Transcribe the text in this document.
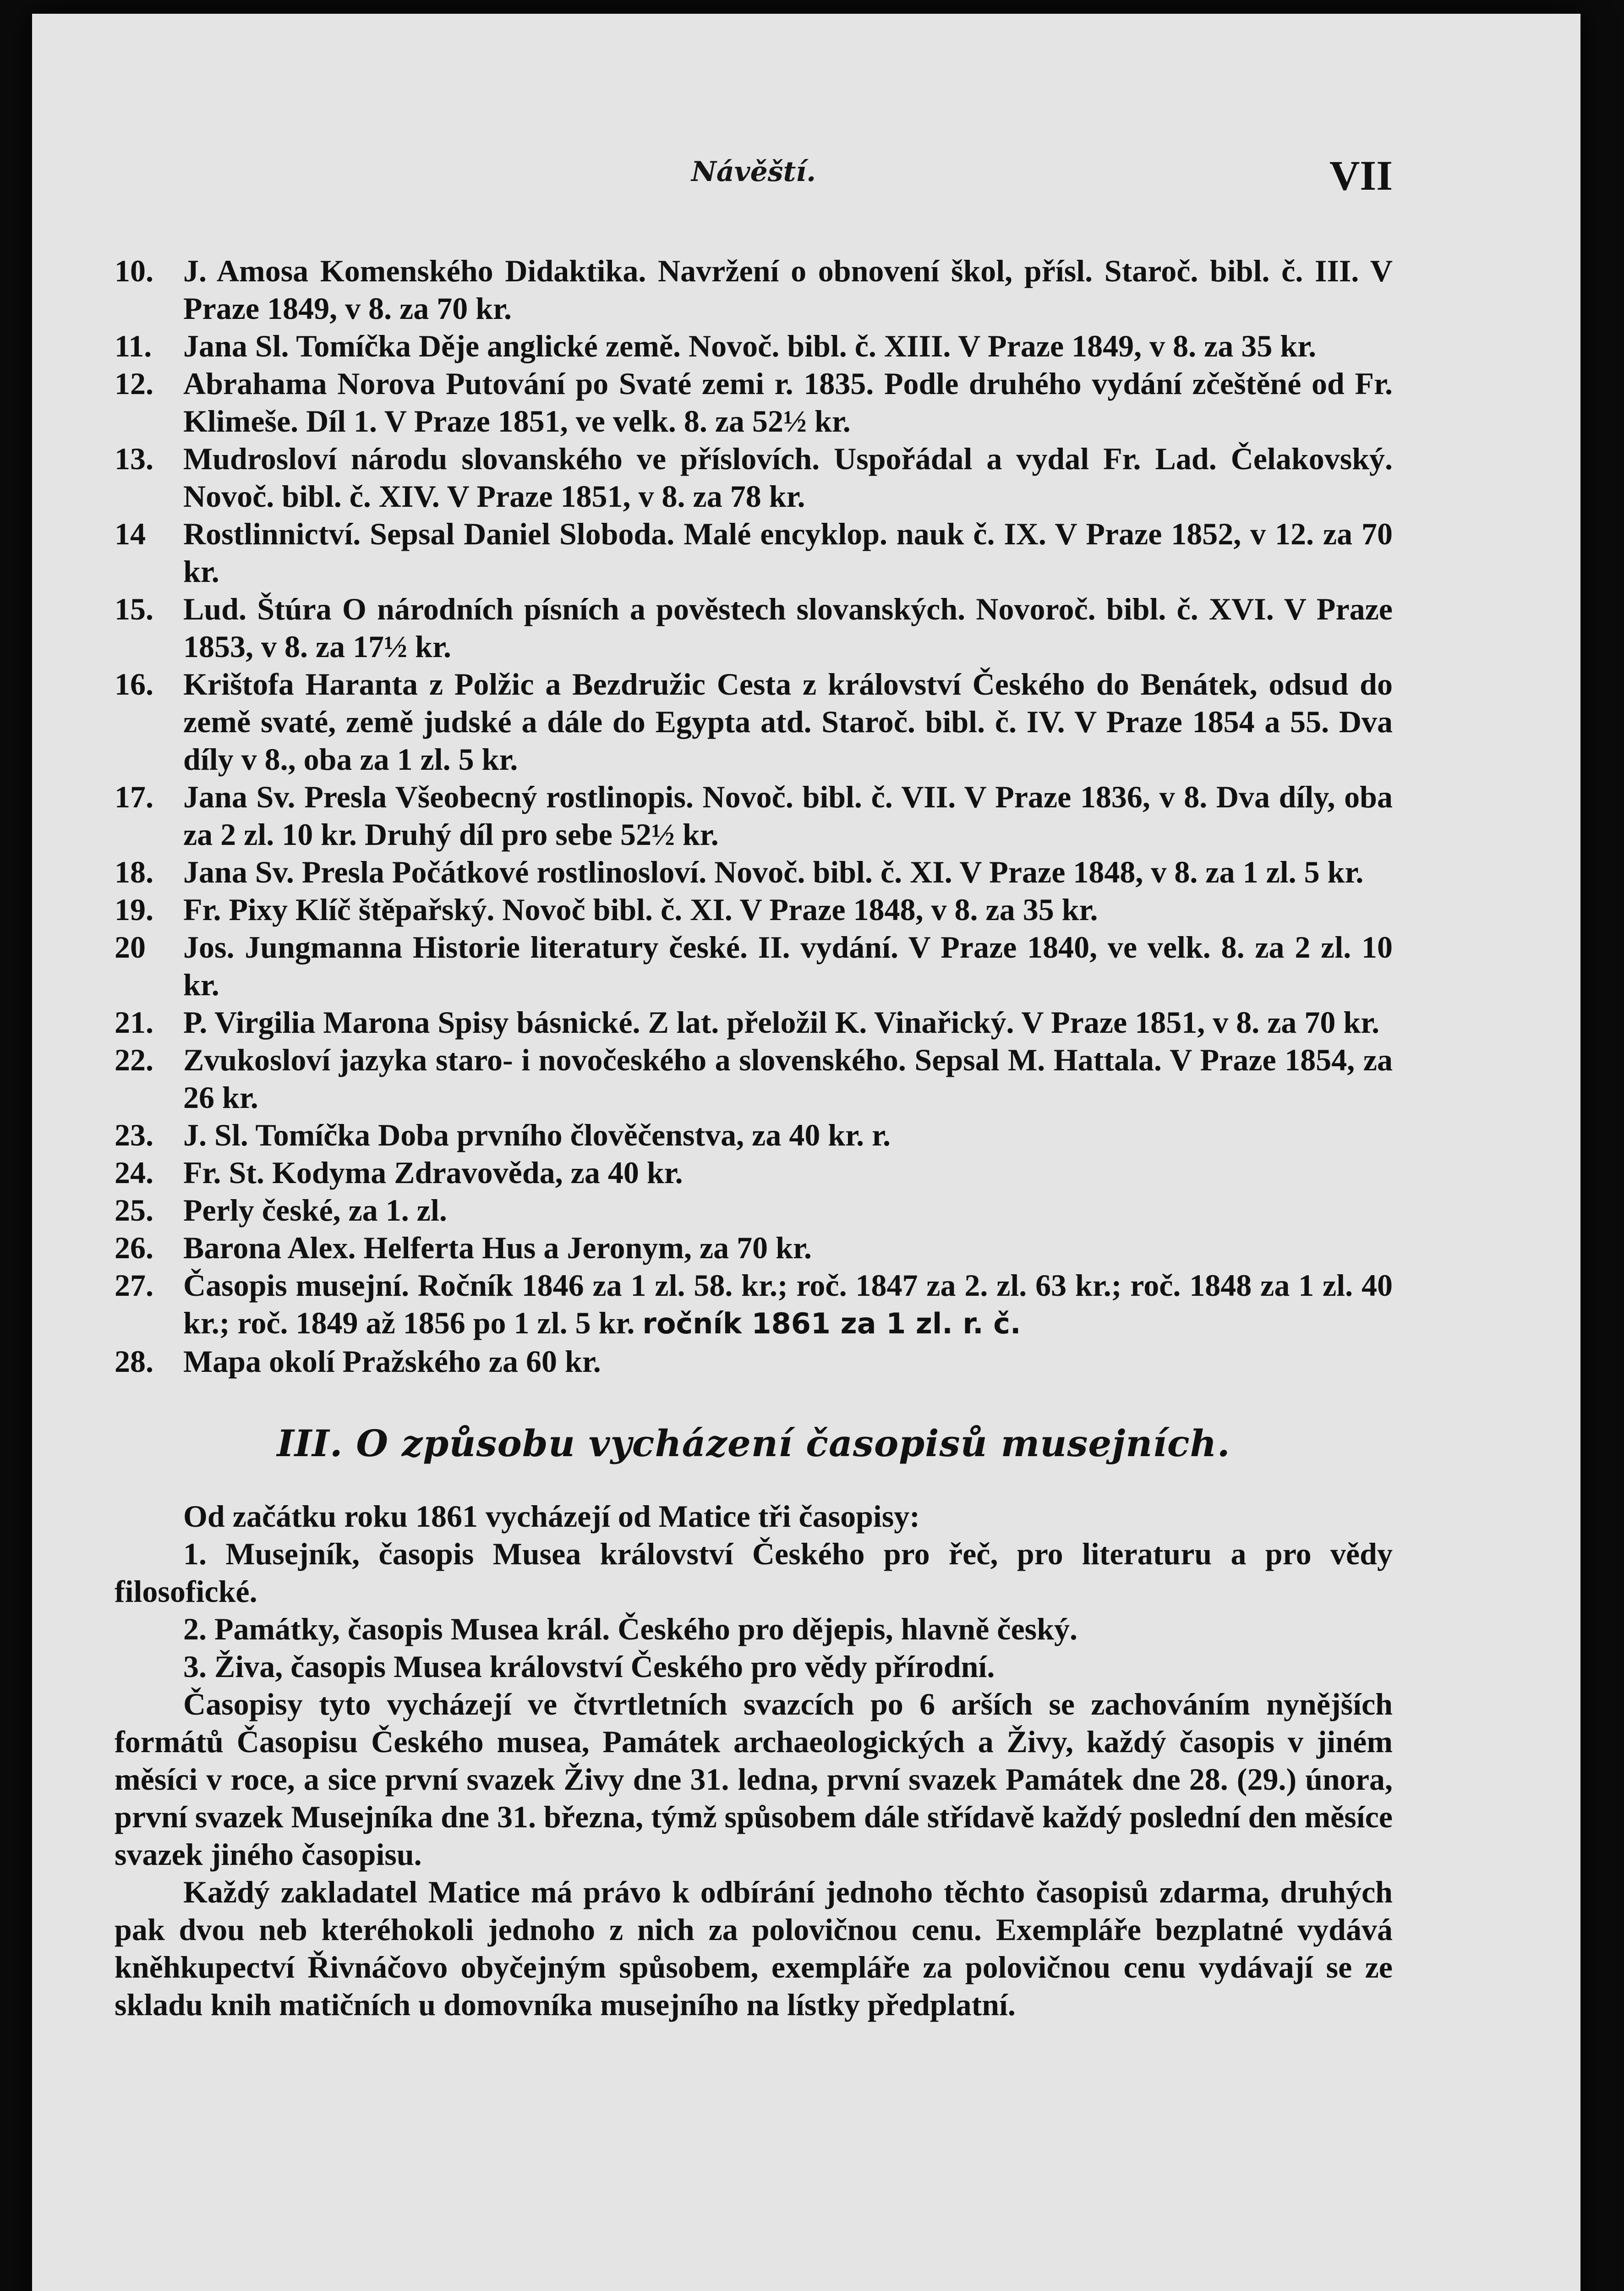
Návěští.	VII
10. J. Amosa Komenského Didaktika. Navržení o obnovení škol, přísl. Staroč. bibl. č. III. V Praze 1849, v 8. za 70 kr.
11.	Jana Sl. Tomíčka Děje anglické země. Novoč. bibl. č. XIII. V Praze 1849, v 8. za 35 kr.
12. Abrahama Norova Putování po Svaté zemi r. 1835. Podle druhého vydání zčeštěné od Fr. Klimeše. Díl 1. V Praze 1851, ve velk. 8. za 52½ kr.
13. Mudrosloví národu slovanského ve příslovích. Uspořádal a vydal Fr. Lad. Čelakovský. Novoč. bibl. č. XIV. V Praze 1851, v 8. za 78 kr.
14	Rostlinnictví. Sepsal Daniel Sloboda. Malé encyklop. nauk č. IX. V Praze 1852, v 12. za 70 kr.
15. Lud. Štúra O národních písních a pověstech slovanských. Novoroč. bibl. č. XVI. V Praze 1853, v 8. za 17½ kr.
16. Krištofa Haranta z Polžic a Bezdružic Cesta z království Českého do Benátek, odsud do země svaté, země judské a dále do Egypta atd. Staroč. bibl. č. IV. V Praze 1854 a 55. Dva díly v 8., oba za 1 zl. 5 kr.
17. Jana Sv. Presla Všeobecný rostlinopis. Novoč. bibl. č. VII. V Praze 1836, v 8. Dva díly, oba za 2 zl. 10 kr. Druhý díl pro sebe 52½ kr.
18. Jana Sv. Presla Počátkové rostlinosloví. Novoč. bibl. č. XI. V Praze 1848, v 8. za 1 zl. 5 kr.
19. Fr. Pixy Klíč štěpařský. Novoč bibl. č. XI. V Praze 1848, v 8. za 35 kr.
20	Jos. Jungmanna Historie literatury české. II. vydání. V Praze 1840, ve velk. 8. za 2 zl. 10 kr.
21. P. Virgilia Marona Spisy básnické. Z lat. přeložil K. Vinařický. V Praze 1851, v 8. za 70 kr.
22. Zvukosloví jazyka staro- i novočeského a slovenského. Sepsal M. Hattala. V Praze 1854, za 26 kr.
23. J. Sl. Tomíčka Doba prvního člověčenstva, za 40 kr. r.
24. Fr. St. Kodyma Zdravověda, za 40 kr.
25. Perly české, za 1. zl.
26. Barona Alex. Helferta Hus a Jeronym, za 70 kr.
27. Časopis musejní. Ročník 1846 za 1 zl. 58. kr.; roč. 1847 za 2. zl. 63 kr.; roč. 1848 za 1 zl. 40 kr.; roč. 1849 až 1856 po 1 zl. 5 kr. ročník 1861 za 1 zl. r. č.
28. Mapa okolí Pražského za 60 kr.
III. O způsobu vycházení časopisů musejních.

Od začátku roku 1861 vycházejí od Matice tři časopisy:

1. Musejník, časopis Musea království Českého pro řeč, pro literaturu a pro vědy filosofické.

2. Památky, časopis Musea král. Českého pro dějepis, hlavně český.

3. Živa, časopis Musea království Českého pro vědy přírodní.

Časopisy tyto vycházejí ve čtvrtletních svazcích po 6 arších se zachováním nynějších formátů Časopisu Českého musea, Památek archaeologických a Živy, každý časopis v jiném měsíci v roce, a sice první svazek Živy dne 31. ledna, první svazek Památek dne 28. (29.) února, první svazek Musejníka dne 31. března, týmž spůsobem dále střídavě každý poslední den měsíce svazek jiného časopisu.

Každý zakladatel Matice má právo k odbírání jednoho těchto časopisů zdarma, druhých pak dvou neb kteréhokoli jednoho z nich za polovičnou cenu. Exempláře bezplatné vydává kněhkupectví Řivnáčovo obyčejným spůsobem, exempláře za polovičnou cenu vydávají se ze skladu knih matičních u domovníka musejního na lístky předplatní.
